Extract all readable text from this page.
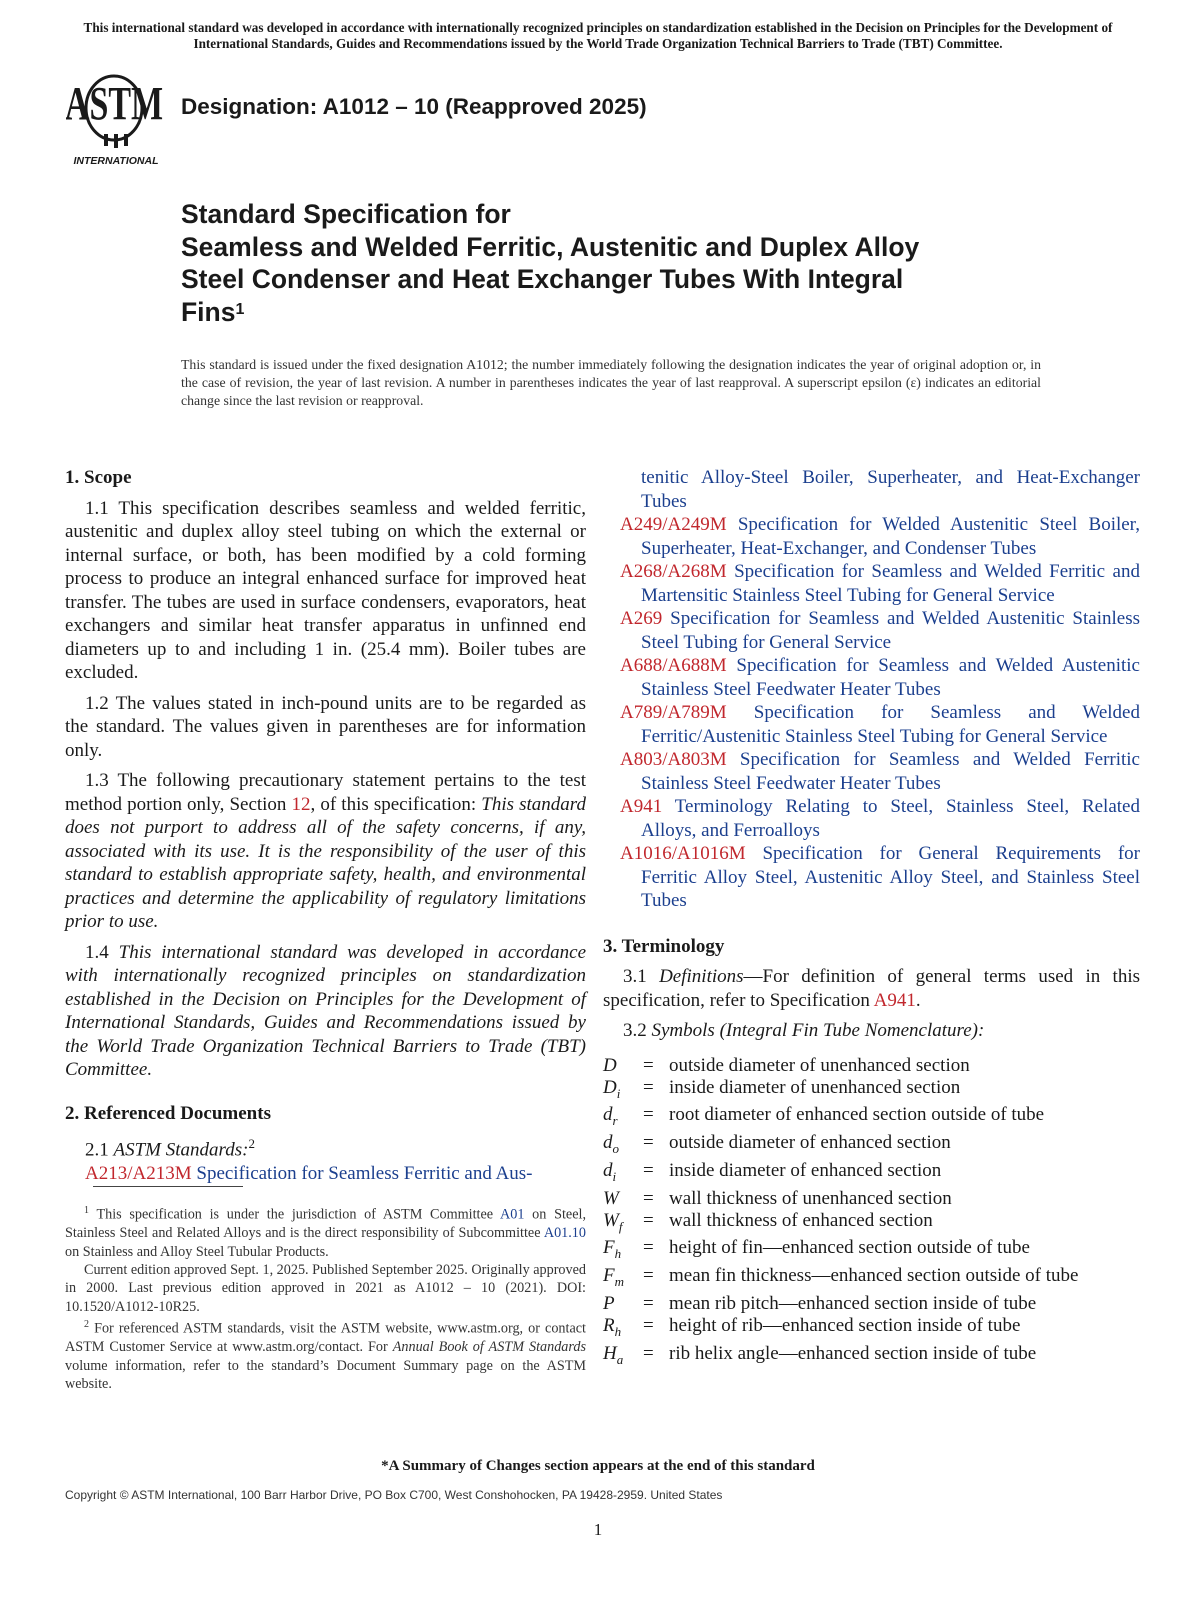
This international standard was developed in accordance with internationally recognized principles on standardization established in the Decision on Principles for the Development of International Standards, Guides and Recommendations issued by the World Trade Organization Technical Barriers to Trade (TBT) Committee.
ASTM
INTERNATIONAL
Designation: A1012 – 10 (Reapproved 2025)
Standard Specification for
Seamless and Welded Ferritic, Austenitic and Duplex Alloy
Steel Condenser and Heat Exchanger Tubes With Integral
Fins$^1$
This standard is issued under the fixed designation A1012; the number immediately following the designation indicates the year of original adoption or, in the case of revision, the year of last revision. A number in parentheses indicates the year of last reapproval. A superscript epsilon (ε) indicates an editorial change since the last revision or reapproval.
1. Scope

1.1 This specification describes seamless and welded ferritic, austenitic and duplex alloy steel tubing on which the external or internal surface, or both, has been modified by a cold forming process to produce an integral enhanced surface for improved heat transfer. The tubes are used in surface condensers, evaporators, heat exchangers and similar heat transfer apparatus in unfinned end diameters up to and including 1 in. (25.4 mm). Boiler tubes are excluded.

1.2 The values stated in inch-pound units are to be regarded as the standard. The values given in parentheses are for information only.

1.3 The following precautionary statement pertains to the test method portion only, Section 12, of this specification: This standard does not purport to address all of the safety concerns, if any, associated with its use. It is the responsibility of the user of this standard to establish appropriate safety, health, and environmental practices and determine the applicability of regulatory limitations prior to use.

1.4 This international standard was developed in accordance with internationally recognized principles on standardization established in the Decision on Principles for the Development of International Standards, Guides and Recommendations issued by the World Trade Organization Technical Barriers to Trade (TBT) Committee.

2. Referenced Documents

2.1 ASTM Standards:$^2$

A213/A213M Specification for Seamless Ferritic and Aus-

$^1$ This specification is under the jurisdiction of ASTM Committee A01 on Steel, Stainless Steel and Related Alloys and is the direct responsibility of Subcommittee A01.10 on Stainless and Alloy Steel Tubular Products.

Current edition approved Sept. 1, 2025. Published September 2025. Originally approved in 2000. Last previous edition approved in 2021 as A1012 – 10 (2021). DOI: 10.1520/A1012-10R25.

$^2$ For referenced ASTM standards, visit the ASTM website, www.astm.org, or contact ASTM Customer Service at www.astm.org/contact. For Annual Book of ASTM Standards volume information, refer to the standard’s Document Summary page on the ASTM website.

tenitic Alloy-Steel Boiler, Superheater, and Heat-Exchanger Tubes

A249/A249M Specification for Welded Austenitic Steel Boiler, Superheater, Heat-Exchanger, and Condenser Tubes

A268/A268M Specification for Seamless and Welded Ferritic and Martensitic Stainless Steel Tubing for General Service

A269 Specification for Seamless and Welded Austenitic Stainless Steel Tubing for General Service

A688/A688M Specification for Seamless and Welded Austenitic Stainless Steel Feedwater Heater Tubes

A789/A789M Specification for Seamless and Welded Ferritic/Austenitic Stainless Steel Tubing for General Service

A803/A803M Specification for Seamless and Welded Ferritic Stainless Steel Feedwater Heater Tubes

A941 Terminology Relating to Steel, Stainless Steel, Related Alloys, and Ferroalloys

A1016/A1016M Specification for General Requirements for Ferritic Alloy Steel, Austenitic Alloy Steel, and Stainless Steel Tubes

3. Terminology

3.1 Definitions—For definition of general terms used in this specification, refer to Specification A941.

3.2 Symbols (Integral Fin Tube Nomenclature):

D	=	outside diameter of unenhanced section
$D_i$	=	inside diameter of unenhanced section
$d_r$	=	root diameter of enhanced section outside of tube
$d_o$	=	outside diameter of enhanced section
$d_i$	=	inside diameter of enhanced section
W	=	wall thickness of unenhanced section
$W_f$	=	wall thickness of enhanced section
$F_h$	=	height of fin—enhanced section outside of tube
$F_m$	=	mean fin thickness—enhanced section outside of tube
P	=	mean rib pitch—enhanced section inside of tube
$R_h$	=	height of rib—enhanced section inside of tube
$H_a$	=	rib helix angle—enhanced section inside of tube
*A Summary of Changes section appears at the end of this standard
Copyright © ASTM International, 100 Barr Harbor Drive, PO Box C700, West Conshohocken, PA 19428-2959. United States
1
